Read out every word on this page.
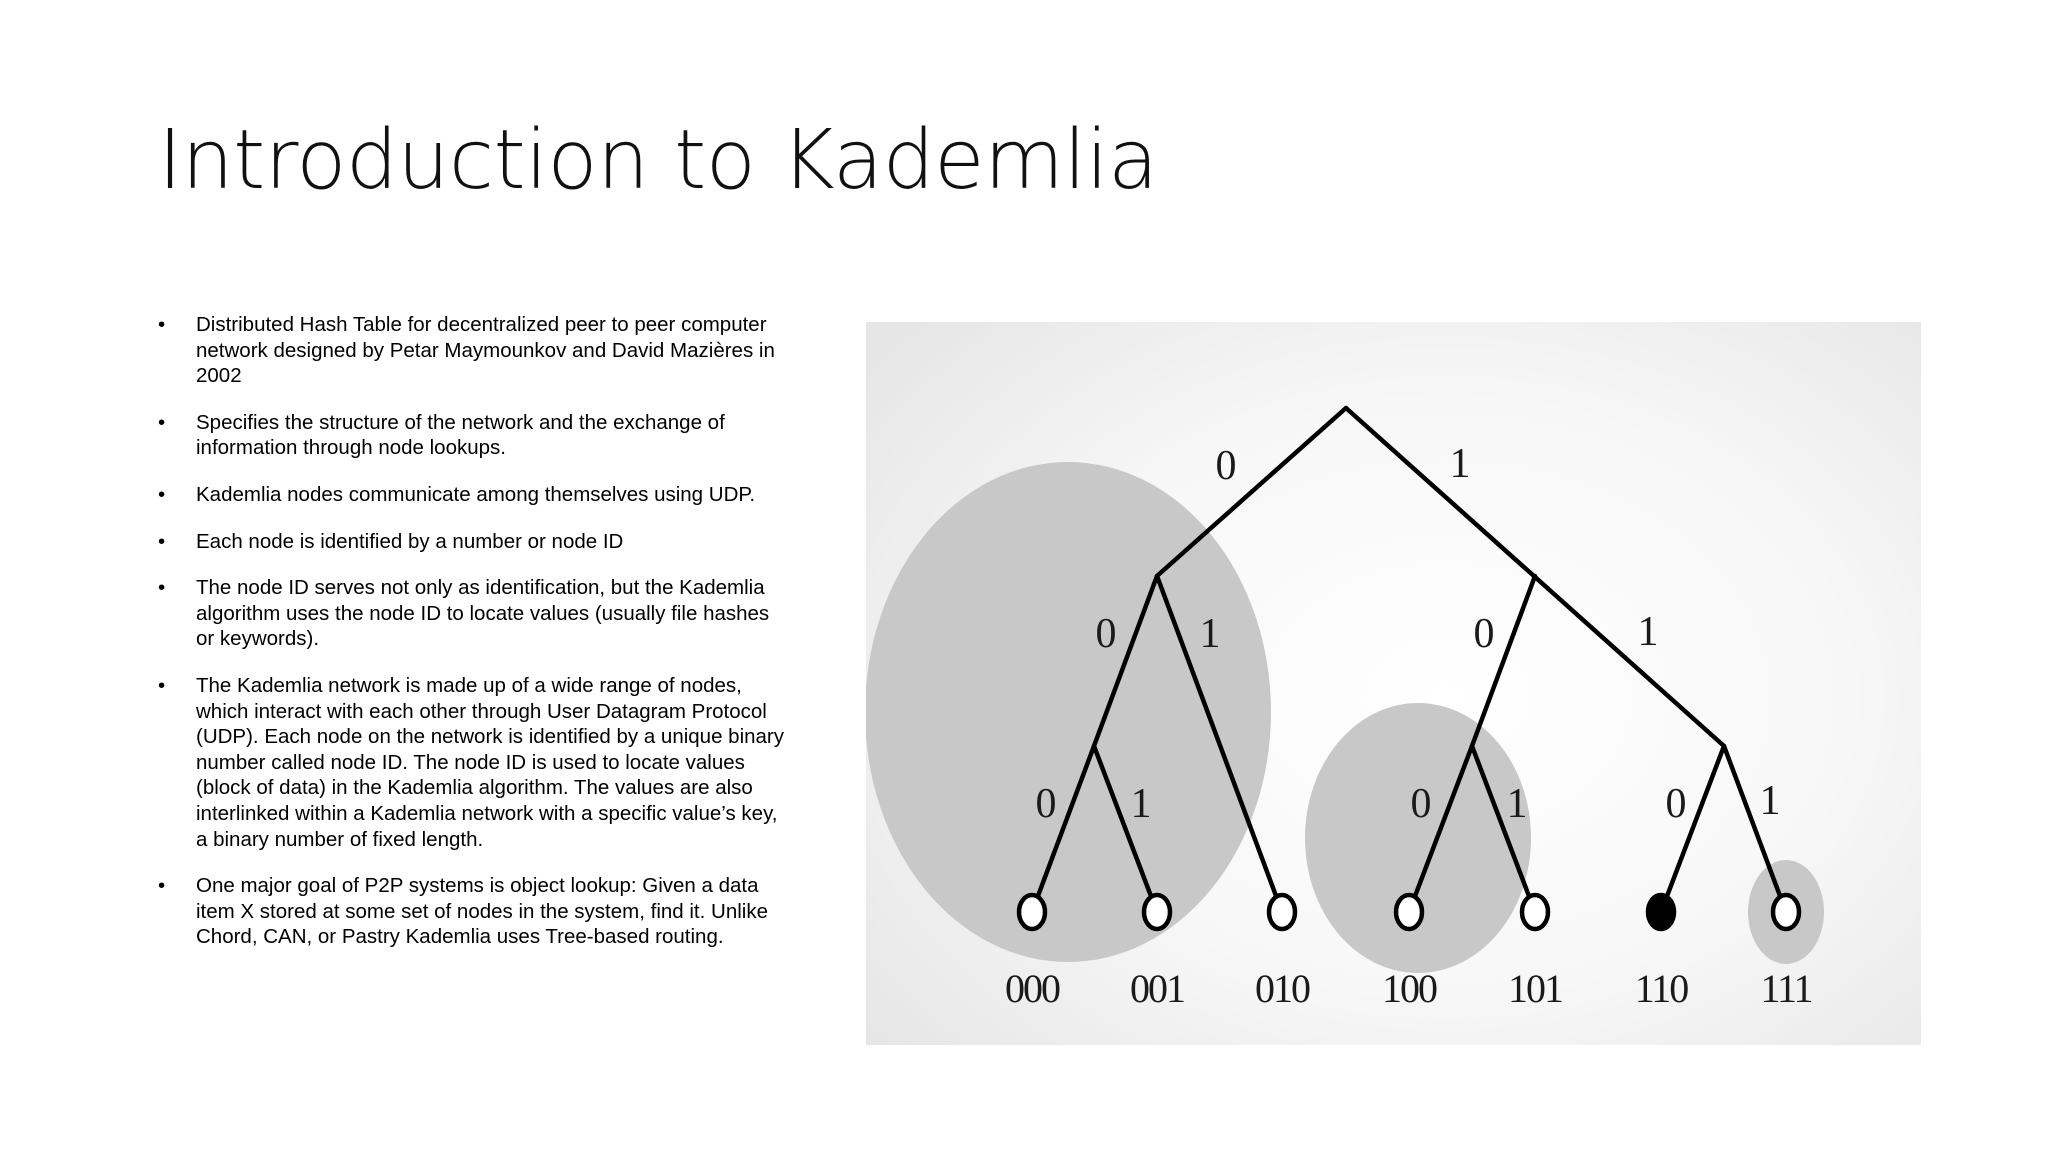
Introduction to Kademlia
• Distributed Hash Table for decentralized peer to peer computer network designed by Petar Maymounkov and David Mazières in 2002
• Specifies the structure of the network and the exchange of information through node lookups.
• Kademlia nodes communicate among themselves using UDP.
• Each node is identified by a number or node ID
• The node ID serves not only as identification, but the Kademlia algorithm uses the node ID to locate values (usually file hashes or keywords).
• The Kademlia network is made up of a wide range of nodes, which interact with each other through User Datagram Protocol (UDP). Each node on the network is identified by a unique binary number called node ID. The node ID is used to locate values (block of data) in the Kademlia algorithm. The values are also interlinked within a Kademlia network with a specific value’s key, a binary number of fixed length.
• One major goal of P2P systems is object lookup: Given a data item X stored at some set of nodes in the system, find it. Unlike Chord, CAN, or Pastry Kademlia uses Tree-based routing.
0	1
0 1	0	1
0 1	0 1	0 1
000 001 010 100 101 110 111
